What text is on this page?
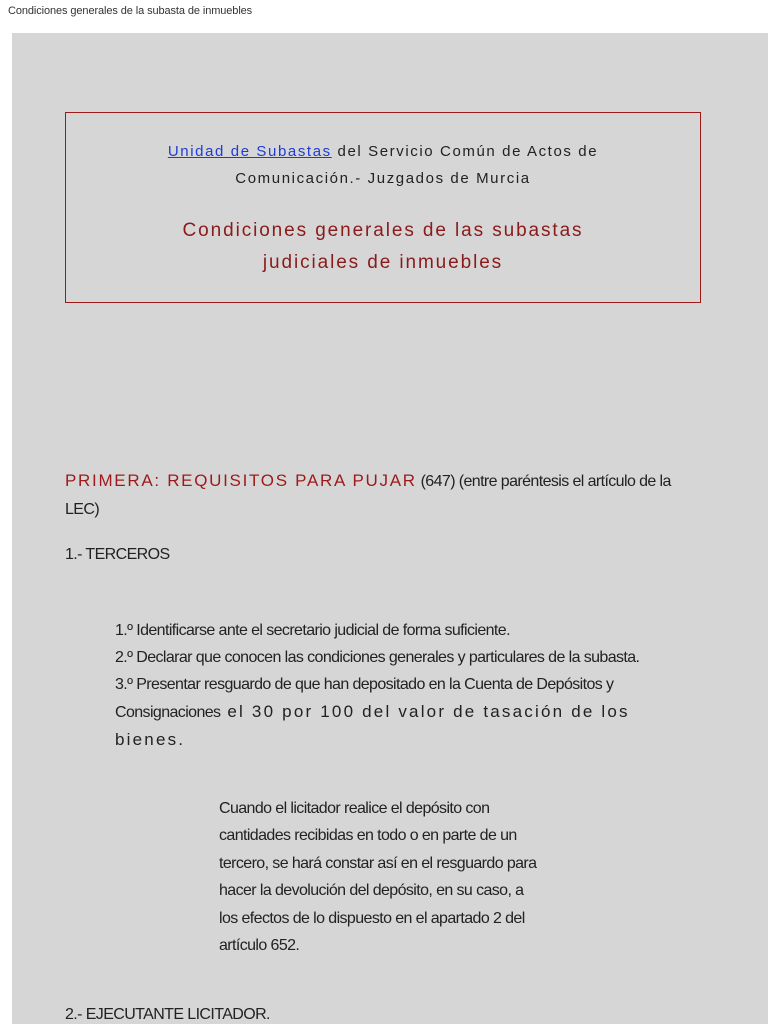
Condiciones generales de la subasta de inmuebles
Unidad de Subastas del Servicio Común de Actos de
Comunicación.- Juzgados de Murcia
Condiciones generales de las subastas
judiciales de inmuebles
PRIMERA: REQUISITOS PARA PUJAR (647) (entre paréntesis el artículo de la
LEC)
1.- TERCEROS
1.º Identificarse ante el secretario judicial de forma suficiente.
2.º Declarar que conocen las condiciones generales y particulares de la subasta.
3.º Presentar resguardo de que han depositado en la Cuenta de Depósitos y
Consignaciones el 30 por 100 del valor de tasación de los
bienes.
Cuando el licitador realice el depósito con
cantidades recibidas en todo o en parte de un
tercero, se hará constar así en el resguardo para
hacer la devolución del depósito, en su caso, a
los efectos de lo dispuesto en el apartado 2 del
artículo 652.
2.- EJECUTANTE LICITADOR.
